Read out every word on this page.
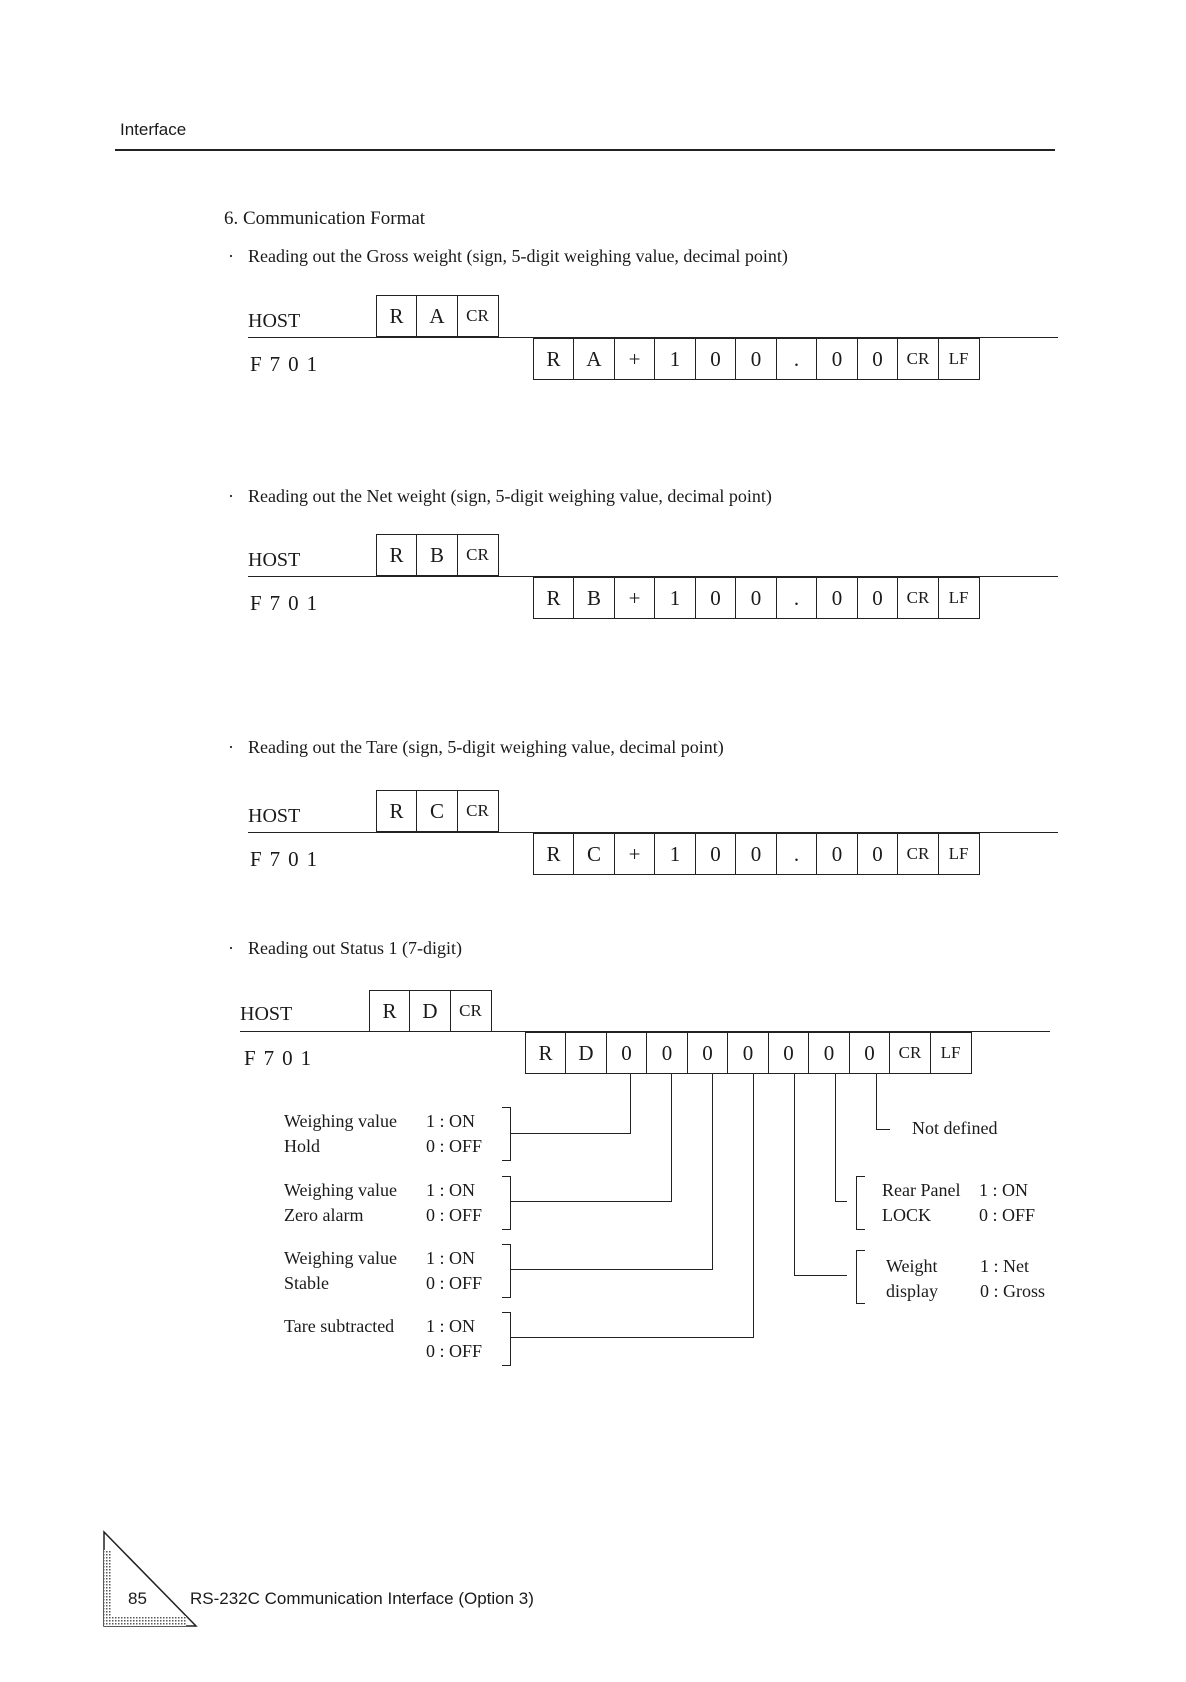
Interface
6. Communication Format
· Reading out the Gross weight (sign, 5-digit weighing value, decimal point)
HOST
F701
R	A	CR
R	A	+	1	0	0	.	0	0	CR	LF
· Reading out the Net weight (sign, 5-digit weighing value, decimal point)
HOST
F701
R	B	CR
R	B	+	1	0	0	.	0	0	CR	LF
· Reading out the Tare (sign, 5-digit weighing value, decimal point)
HOST
F701
R	C	CR
R	C	+	1	0	0	.	0	0	CR	LF
· Reading out Status 1 (7-digit)
HOST
F701
R	D	CR
R	D	0	0	0	0	0	0	0	CR	LF
Weighing value 1 : ON
Hold	0 : OFF
Weighing value 1 : ON
Zero alarm	0 : OFF
Weighing value 1 : ON
Stable	0 : OFF
Tare subtracted 1 : ON
0 : OFF

Not defined
Rear Panel 1 : ON
LOCK	0 : OFF
Weight 1 : Net
display 0 : Gross
85	RS-232C Communication Interface (Option 3)
